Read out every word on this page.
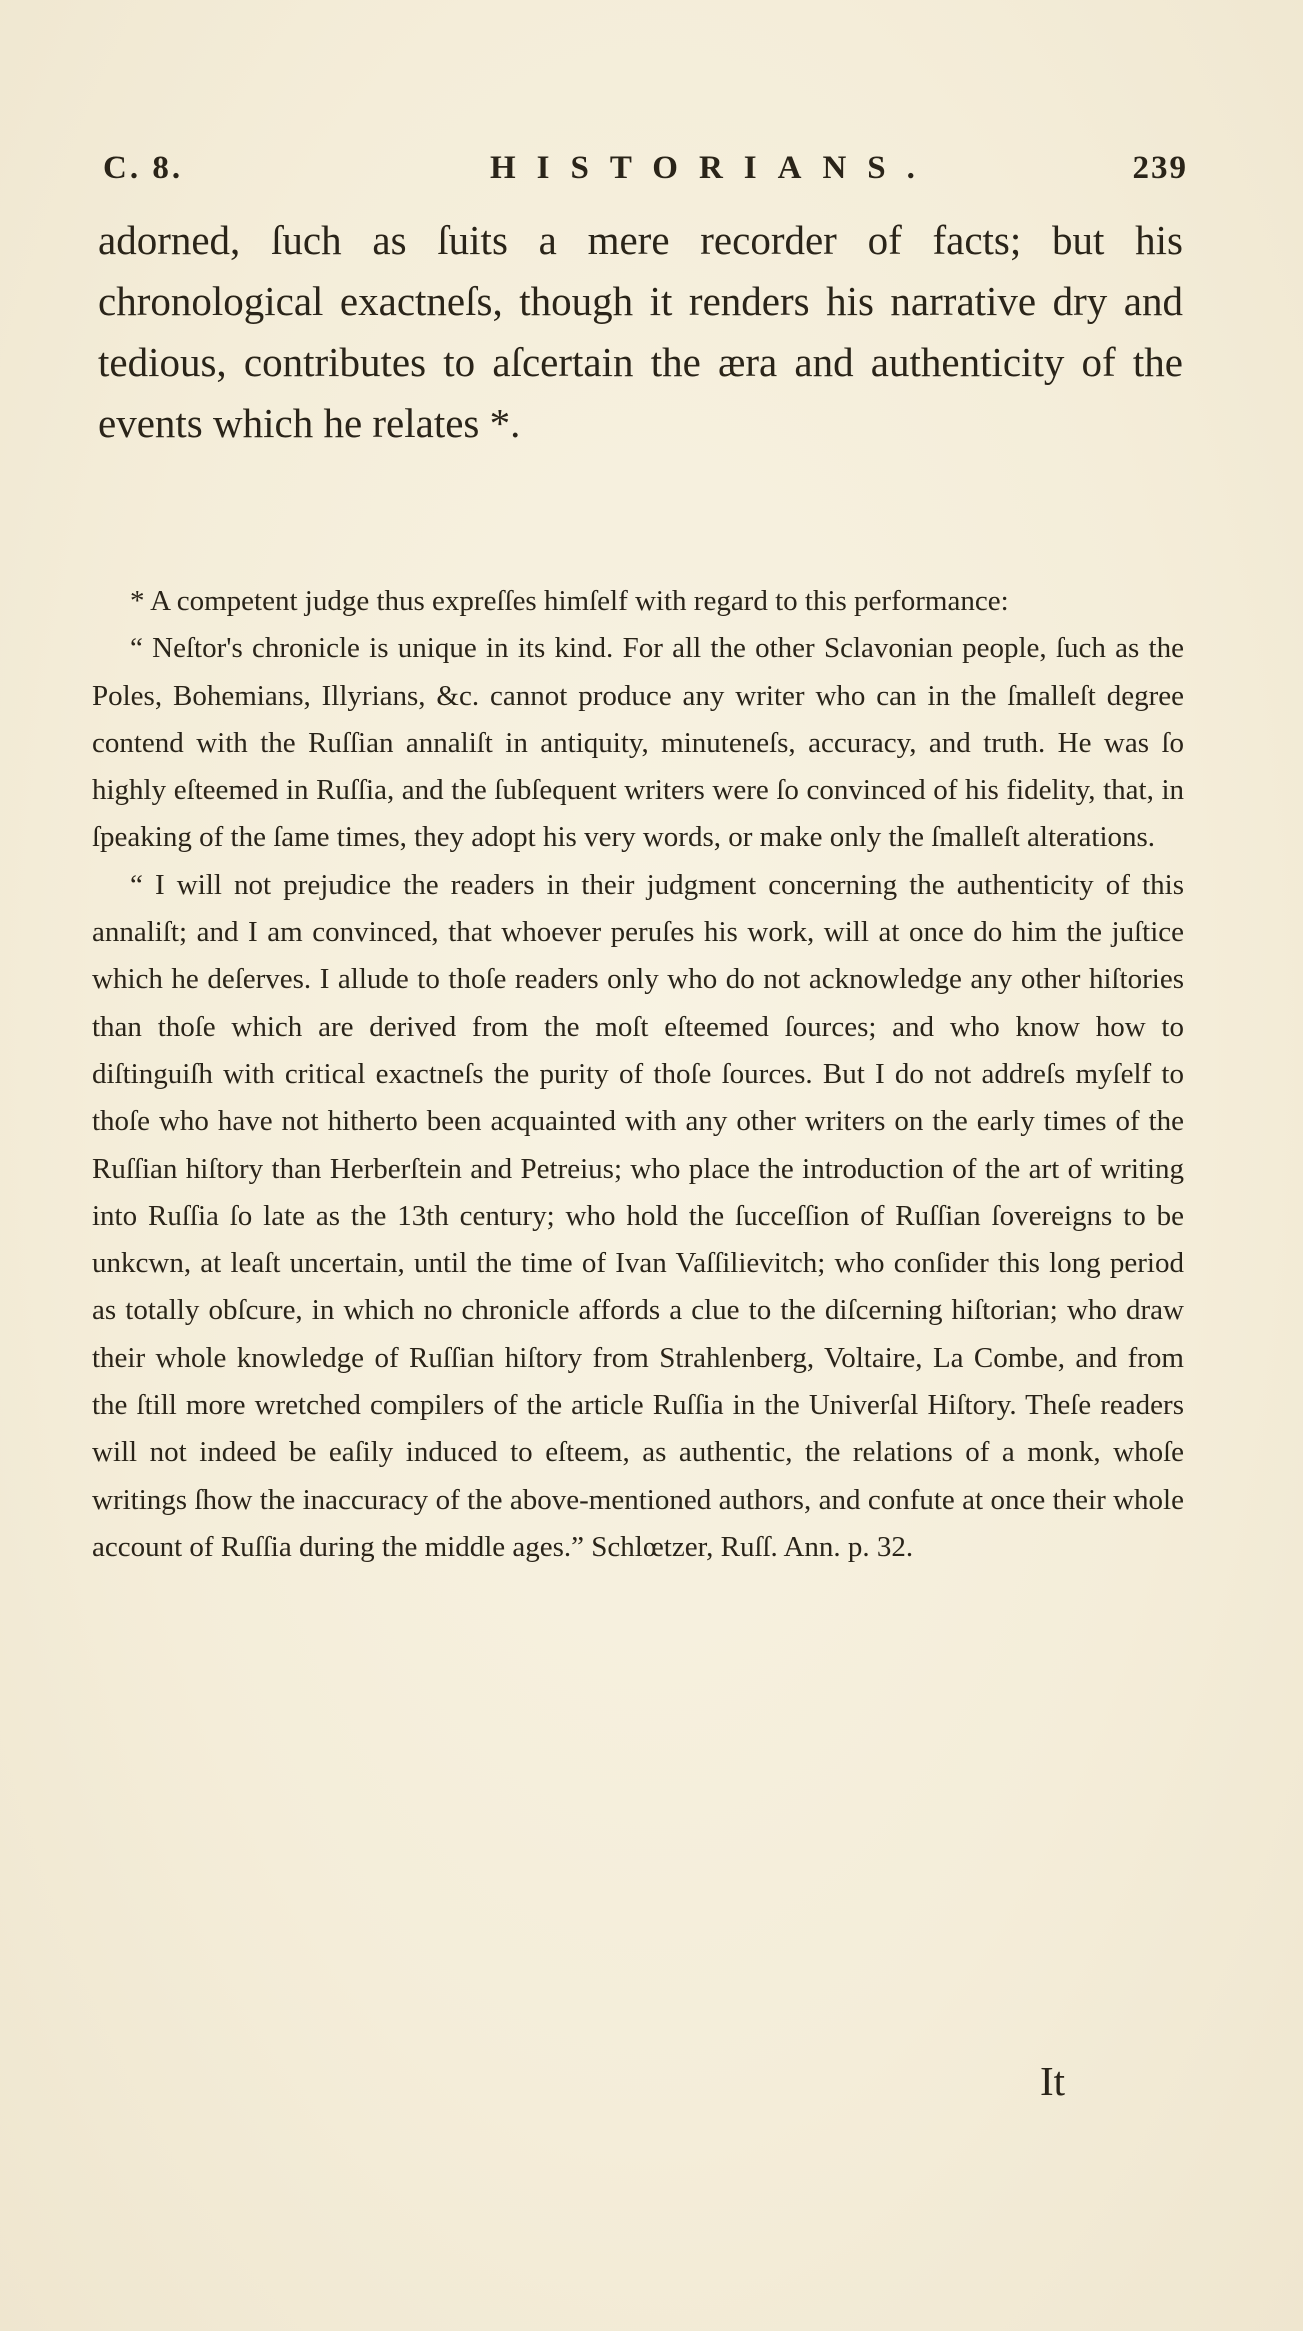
C. 8.	HISTORIANS.	239
adorned, ſuch as ſuits a mere recorder of facts; but his chronological exactneſs, though it renders his narrative dry and tedious, contributes to aſcertain the æra and authenticity of the events which he relates *.

* A competent judge thus expreſſes himſelf with regard to this performance:

“ Neſtor's chronicle is unique in its kind. For all the other Sclavonian people, ſuch as the Poles, Bohemians, Illyrians, &c. cannot produce any writer who can in the ſmalleſt degree contend with the Ruſſian annaliſt in antiquity, minuteneſs, accuracy, and truth. He was ſo highly eſteemed in Ruſſia, and the ſubſequent writers were ſo convinced of his fidelity, that, in ſpeaking of the ſame times, they adopt his very words, or make only the ſmalleſt alterations.

“ I will not prejudice the readers in their judgment concerning the authenticity of this annaliſt; and I am convinced, that whoever peruſes his work, will at once do him the juſtice which he deſerves. I allude to thoſe readers only who do not acknowledge any other hiſtories than thoſe which are derived from the moſt eſteemed ſources; and who know how to diſtinguiſh with critical exactneſs the purity of thoſe ſources. But I do not addreſs myſelf to thoſe who have not hitherto been acquainted with any other writers on the early times of the Ruſſian hiſtory than Herberſtein and Petreius; who place the introduction of the art of writing into Ruſſia ſo late as the 13th century; who hold the ſucceſſion of Ruſſian ſovereigns to be unkcwn, at leaſt uncertain, until the time of Ivan Vaſſilievitch; who conſider this long period as totally obſcure, in which no chronicle affords a clue to the diſcerning hiſtorian; who draw their whole knowledge of Ruſſian hiſtory from Strahlenberg, Voltaire, La Combe, and from the ſtill more wretched compilers of the article Ruſſia in the Univerſal Hiſtory. Theſe readers will not indeed be eaſily induced to eſteem, as authentic, the relations of a monk, whoſe writings ſhow the inaccuracy of the above-mentioned authors, and confute at once their whole account of Ruſſia during the middle ages.” Schlœtzer, Ruſſ. Ann. p. 32.

It
